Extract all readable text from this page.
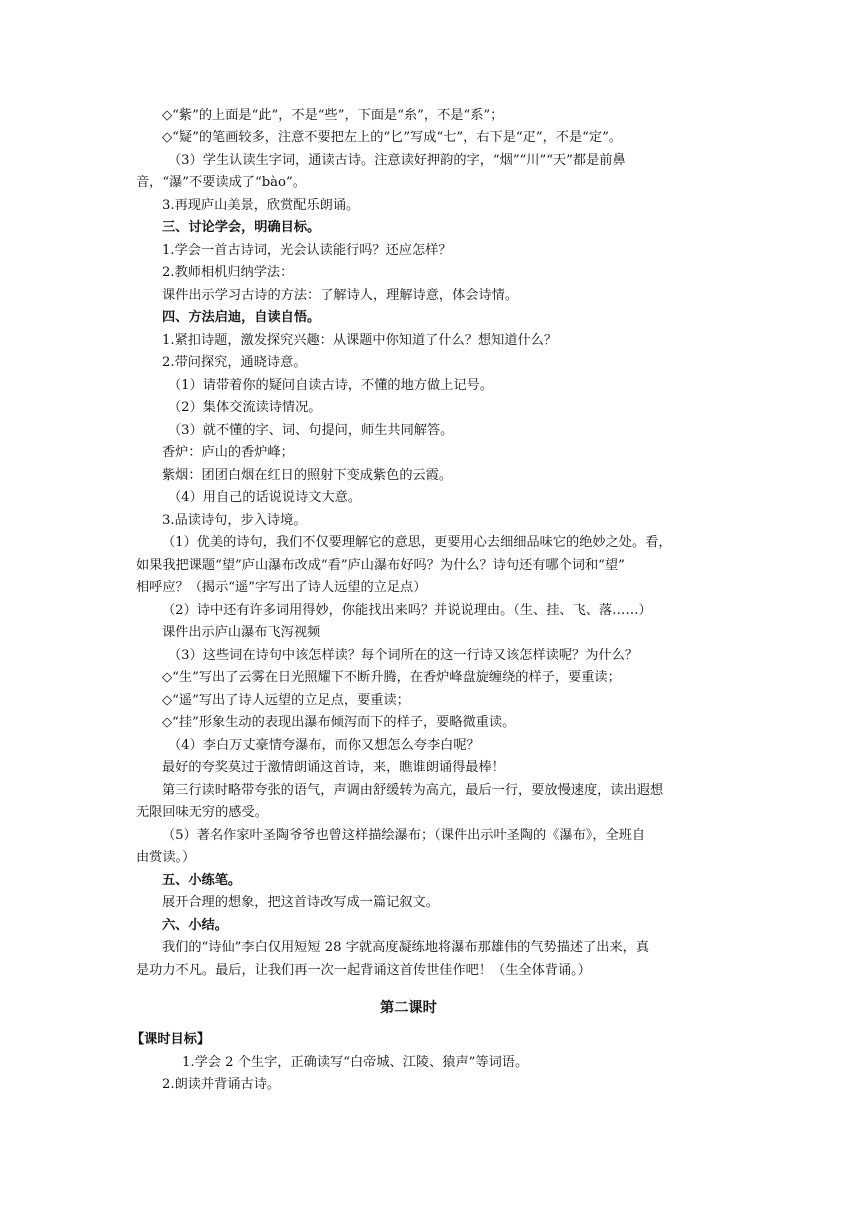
◇“紫”的上面是“此”，不是“些”，下面是“糸”，不是“系”；
◇“疑”的笔画较多，注意不要把左上的“匕”写成“七”，右下是“疋”，不是“定”。
（3）学生认读生字词，通读古诗。注意读好押韵的字，“烟”“川”“天”都是前鼻
音，“瀑”不要读成了“bào”。
3.再现庐山美景，欣赏配乐朗诵。
三、讨论学会，明确目标。
1.学会一首古诗词，光会认读能行吗？还应怎样？
2.教师相机归纳学法：
课件出示学习古诗的方法：了解诗人，理解诗意，体会诗情。
四、方法启迪，自读自悟。
1.紧扣诗题，激发探究兴趣：从课题中你知道了什么？想知道什么？
2.带问探究，通晓诗意。
（1）请带着你的疑问自读古诗，不懂的地方做上记号。
（2）集体交流读诗情况。
（3）就不懂的字、词、句提问，师生共同解答。
香炉：庐山的香炉峰；
紫烟：团团白烟在红日的照射下变成紫色的云霞。
（4）用自己的话说说诗文大意。
3.品读诗句，步入诗境。
（1）优美的诗句，我们不仅要理解它的意思，更要用心去细细品味它的绝妙之处。看，
如果我把课题“望”庐山瀑布改成“看”庐山瀑布好吗？为什么？诗句还有哪个词和“望”
相呼应？（揭示“遥”字写出了诗人远望的立足点）
（2）诗中还有许多词用得妙，你能找出来吗？并说说理由。（生、挂、飞、落……）
课件出示庐山瀑布飞泻视频
（3）这些词在诗句中该怎样读？每个词所在的这一行诗又该怎样读呢？为什么？
◇“生”写出了云雾在日光照耀下不断升腾，在香炉峰盘旋缠绕的样子，要重读；
◇“遥”写出了诗人远望的立足点，要重读；
◇“挂”形象生动的表现出瀑布倾泻而下的样子，要略微重读。
（4）李白万丈豪情夸瀑布，而你又想怎么夸李白呢？
最好的夸奖莫过于激情朗诵这首诗，来，瞧谁朗诵得最棒！
第三行读时略带夸张的语气，声调由舒缓转为高亢，最后一行，要放慢速度，读出遐想
无限回味无穷的感受。
（5）著名作家叶圣陶爷爷也曾这样描绘瀑布；（课件出示叶圣陶的《瀑布》，全班自
由赏读。）
五、小练笔。
展开合理的想象，把这首诗改写成一篇记叙文。
六、小结。
我们的“诗仙”李白仅用短短 28 字就高度凝练地将瀑布那雄伟的气势描述了出来，真
是功力不凡。最后，让我们再一次一起背诵这首传世佳作吧！（生全体背诵。）
第二课时
【课时目标】
1.学会 2 个生字，正确读写“白帝城、江陵、猿声”等词语。
2.朗读并背诵古诗。
